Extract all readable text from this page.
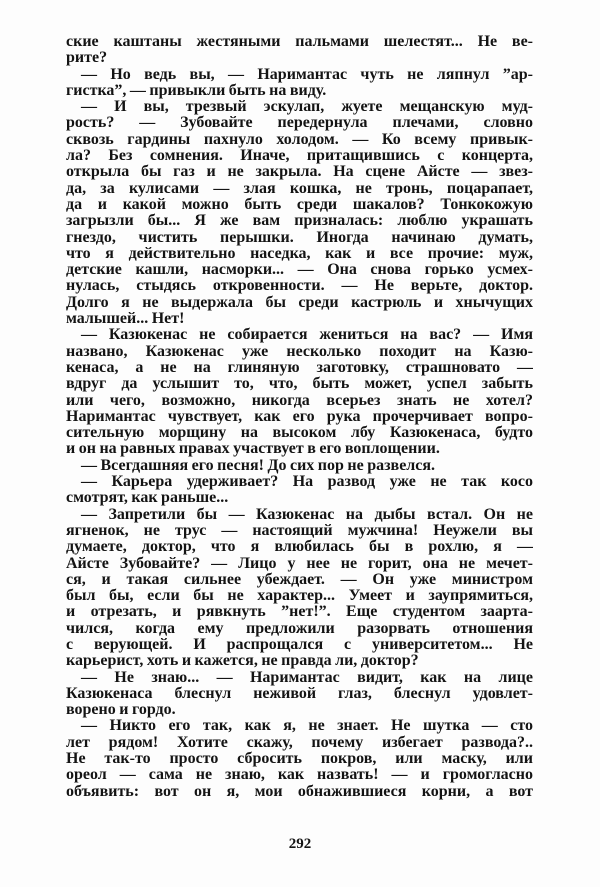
ские каштаны жестяными пальмами шелестят... Не ве-
рите?
— Но ведь вы, — Наримантас чуть не ляпнул ”ар-
гистка”, — привыкли быть на виду.
— И вы, трезвый эскулап, жуете мещанскую муд-
рость? — Зубовайте передернула плечами, словно
сквозь гардины пахнуло холодом. — Ко всему привык-
ла? Без сомнения. Иначе, притащившись с концерта,
открыла бы газ и не закрыла. На сцене Айсте — звез-
да, за кулисами — злая кошка, не тронь, поцарапает,
да и какой можно быть среди шакалов? Тонкокожую
загрызли бы... Я же вам призналась: люблю украшать
гнездо, чистить перышки. Иногда начинаю думать,
что я действительно наседка, как и все прочие: муж,
детские кашли, насморки... — Она снова горько усмех-
нулась, стыдясь откровенности. — Не верьте, доктор.
Долго я не выдержала бы среди кастрюль и хнычущих
малышей... Нет!
— Казюкенас не собирается жениться на вас? — Имя
названо, Казюкенас уже несколько походит на Казю-
кенаса, а не на глиняную заготовку, страшновато —
вдруг да услышит то, что, быть может, успел забыть
или чего, возможно, никогда всерьез знать не хотел?
Наримантас чувствует, как его рука прочерчивает вопро-
сительную морщину на высоком лбу Казюкенаса, будто
и он на равных правах участвует в его воплощении.
— Всегдашняя его песня! До сих пор не развелся.
— Карьера удерживает? На развод уже не так косо
смотрят, как раньше...
— Запретили бы — Казюкенас на дыбы встал. Он не
ягненок, не трус — настоящий мужчина! Неужели вы
думаете, доктор, что я влюбилась бы в рохлю, я —
Айсте Зубовайте? — Лицо у нее не горит, она не мечет-
ся, и такая сильнее убеждает. — Он уже министром
был бы, если бы не характер... Умеет и заупрямиться,
и отрезать, и рявкнуть ”нет!”. Еще студентом заарта-
чился, когда ему предложили разорвать отношения
с верующей. И распрощался с университетом... Не
карьерист, хоть и кажется, не правда ли, доктор?
— Не знаю... — Наримантас видит, как на лице
Казюкенаса блеснул неживой глаз, блеснул удовлет-
ворено и гордо.
— Никто его так, как я, не знает. Не шутка — сто
лет рядом! Хотите скажу, почему избегает развода?..
Не так-то просто сбросить покров, или маску, или
ореол — сама не знаю, как назвать! — и громогласно
объявить: вот он я, мои обнажившиеся корни, а вот
292
